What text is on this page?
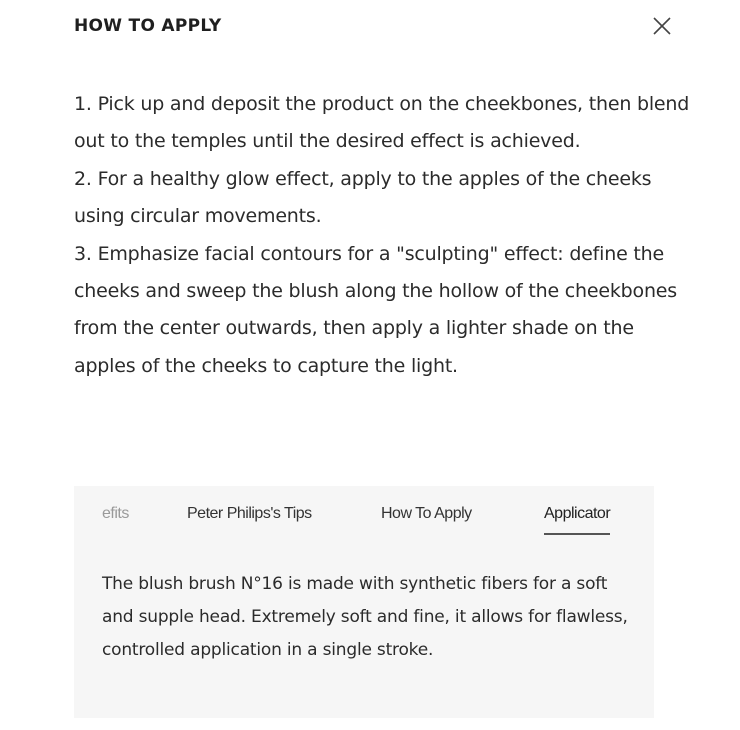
HOW TO APPLY

1. Pick up and deposit the product on the cheekbones, then blend out to the temples until the desired effect is achieved.

2. For a healthy glow effect, apply to the apples of the cheeks using circular movements.

3. Emphasize facial contours for a "sculpting" effect: define the cheeks and sweep the blush along the hollow of the cheekbones from the center outwards, then apply a lighter shade on the apples of the cheeks to capture the light.

efits	Peter Philips's Tips	How To Apply	Applicator
The blush brush N°16 is made with synthetic fibers for a soft and supple head. Extremely soft and fine, it allows for flawless, controlled application in a single stroke.
